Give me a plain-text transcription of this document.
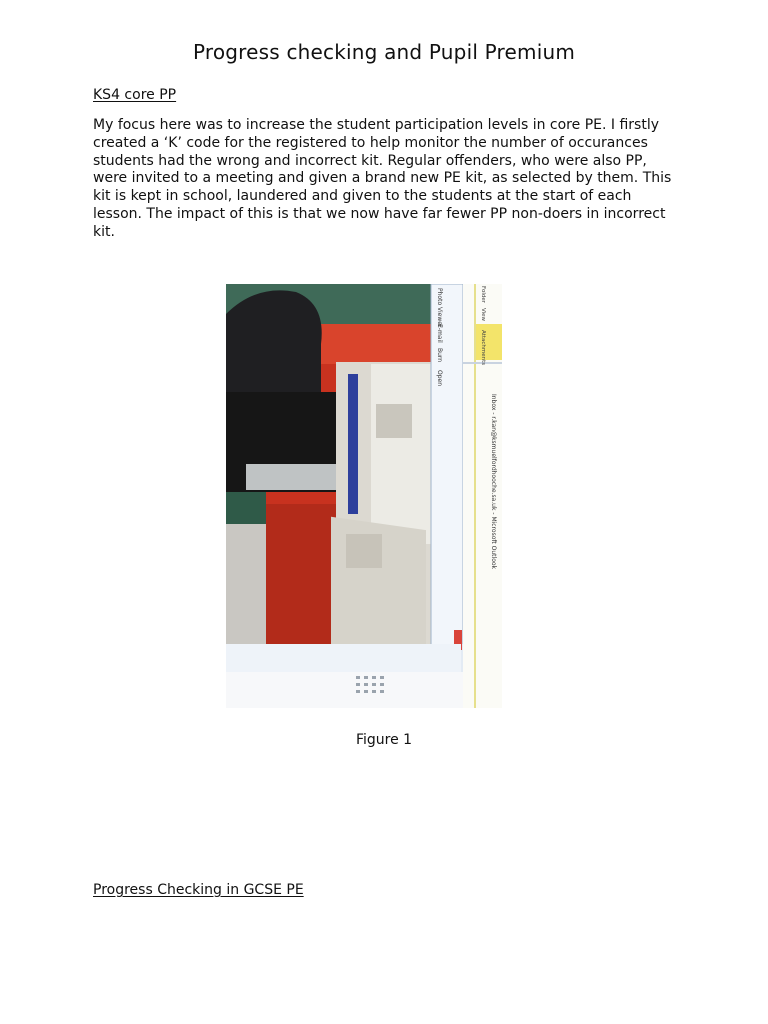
Progress checking and Pupil Premium
KS4 core PP
My focus here was to increase the student participation levels in core PE. I firstly created a ‘K’ code for the registered to help monitor the number of occurances students had the wrong and incorrect kit. Regular offenders, who were also PP, were invited to a meeting and given a brand new PE kit, as selected by them. This kit is kept in school, laundered and given to the students at the start of each lesson. The impact of this is that we now have far fewer PP non-doers in incorrect kit.
Photo Viewer
E-mail
Burn
Open
Inbox - r.kan@ksmuelfordhooche.sa.uk - Microsoft Outlook
Folder
View
Attachments
Figure 1
Progress Checking in GCSE PE
